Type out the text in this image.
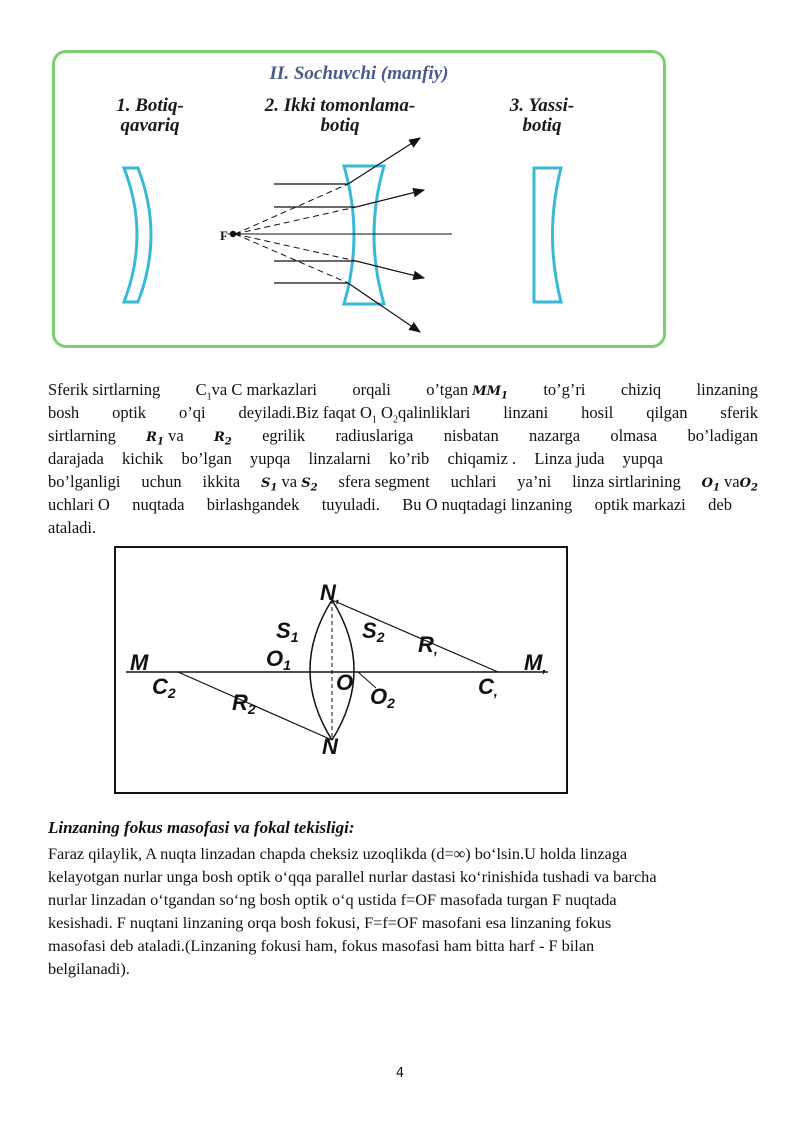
II. Sochuvchi (manfiy)
1. Botiq-
qavariq
2. Ikki tomonlama-
botiq
3. Yassi-
botiq
F
Sferik sirtlarning $C_1va$ C markazlari orqali o’tgan $MM_1$ to’g’ri chiziq linzaning
bosh optik o’qi deyiladi.Biz faqat $O_1$ $O_2qalinliklari$ linzani hosil qilgan sferik
sirtlarning $R_1$ va $R_2$ egrilik radiuslariga nisbatan nazarga olmasa bo’ladigan
darajada kichik bo’lgan yupqa linzalarni ko’rib chiqamiz . Linza juda yupqa
bo’lganligi uchun ikkita $S_1$ va $S_2$ sfera segment uchlari ya’ni linza sirtlarining $O_1$ vaO$_2$
uchlari O nuqtada birlashgandek tuyuladi. Bu O nuqtadagi linzaning optik markazi deb
ataladi.
M	M,
N,
N
S1	S2 R,
R2
O1
O
O2
C2	C,
Linzaning fokus masofasi va fokal tekisligi:
Faraz qilaylik, A nuqta linzadan chapda cheksiz uzoqlikda (d=∞) bo‘lsin.U holda linzaga
kelayotgan nurlar unga bosh optik o‘qqa parallel nurlar dastasi ko‘rinishida tushadi va barcha
nurlar linzadan o‘tgandan so‘ng bosh optik o‘q ustida f=OF masofada turgan F nuqtada
kesishadi. F nuqtani linzaning orqa bosh fokusi, F=f=OF masofani esa linzaning fokus
masofasi deb ataladi.(Linzaning fokusi ham, fokus masofasi ham bitta harf - F bilan
belgilanadi).
4
